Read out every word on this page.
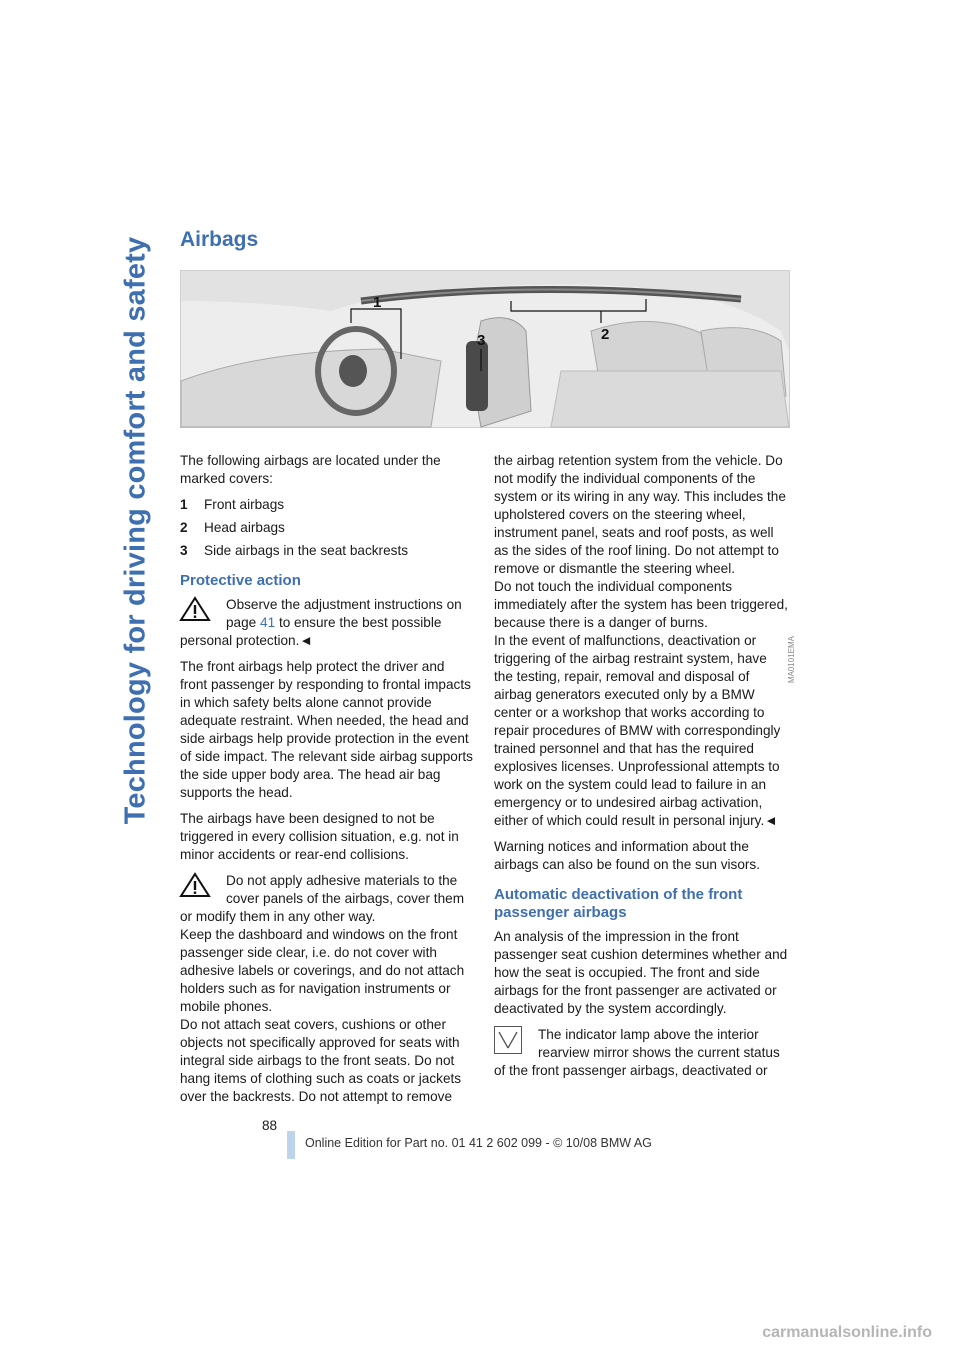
Technology for driving comfort and safety Airbags
1
2
3
MA0101EMA

The following airbags are located under the marked covers:

1	Front airbags
2	Head airbags
3	Side airbags in the seat backrests
Protective action

Observe the adjustment instructions on page 41 to ensure the best possible personal protection.◄

The front airbags help protect the driver and front passenger by responding to frontal impacts in which safety belts alone cannot provide adequate restraint. When needed, the head and side airbags help provide protection in the event of side impact. The relevant side airbag supports the side upper body area. The head air bag supports the head.

The airbags have been designed to not be triggered in every collision situation, e.g. not in minor accidents or rear-end collisions.

Do not apply adhesive materials to the cover panels of the airbags, cover them or modify them in any other way.
Keep the dashboard and windows on the front passenger side clear, i.e. do not cover with adhesive labels or coverings, and do not attach holders such as for navigation instruments or mobile phones.
Do not attach seat covers, cushions or other objects not specifically approved for seats with integral side airbags to the front seats. Do not hang items of clothing such as coats or jackets over the backrests. Do not attempt to remove

the airbag retention system from the vehicle. Do not modify the individual components of the system or its wiring in any way. This includes the upholstered covers on the steering wheel, instrument panel, seats and roof posts, as well as the sides of the roof lining. Do not attempt to remove or dismantle the steering wheel.
Do not touch the individual components immediately after the system has been triggered, because there is a danger of burns.
In the event of malfunctions, deactivation or triggering of the airbag restraint system, have the testing, repair, removal and disposal of airbag generators executed only by a BMW center or a workshop that works according to repair procedures of BMW with correspondingly trained personnel and that has the required explosives licenses. Unprofessional attempts to work on the system could lead to failure in an emergency or to undesired airbag activation, either of which could result in personal injury.◄

Warning notices and information about the airbags can also be found on the sun visors.

Automatic deactivation of the front passenger airbags

An analysis of the impression in the front passenger seat cushion determines whether and how the seat is occupied. The front and side airbags for the front passenger are activated or deactivated by the system accordingly.

The indicator lamp above the interior rearview mirror shows the current status of the front passenger airbags, deactivated or

88
Online Edition for Part no. 01 41 2 602 099 - © 10/08 BMW AG
carmanualsonline.info
